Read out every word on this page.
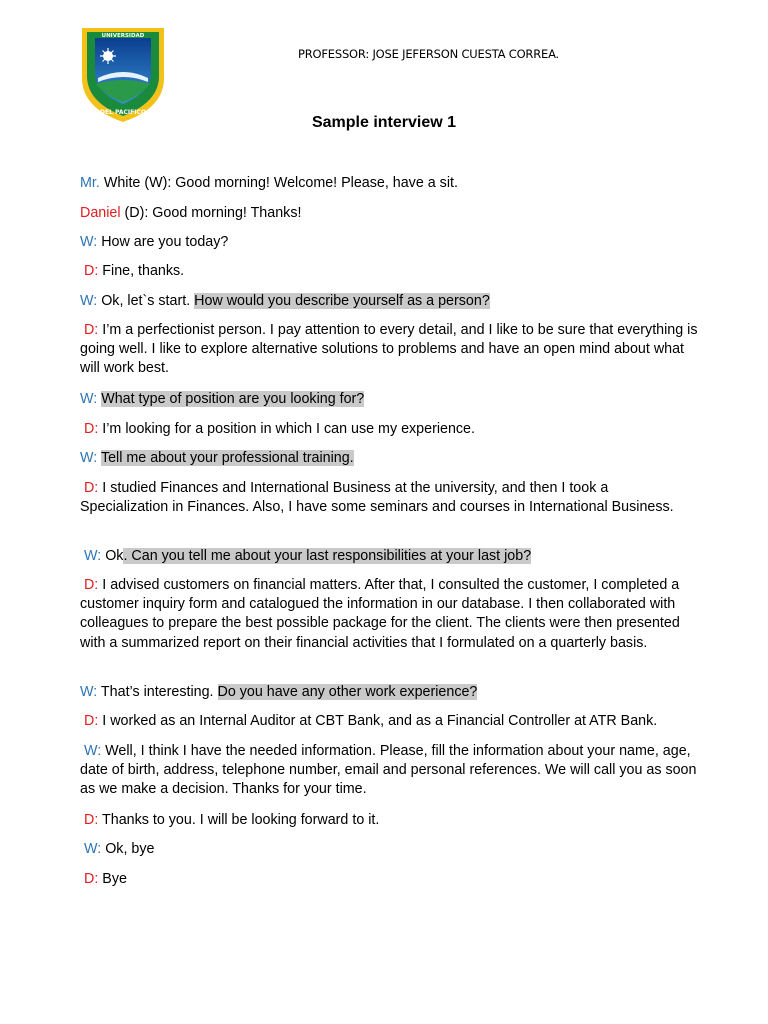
UNIVERSIDAD
DEL PACIFICO
PROFESSOR: JOSE JEFERSON CUESTA CORREA.
Sample interview 1
Mr. White (W): Good morning! Welcome! Please, have a sit.
Daniel (D): Good morning! Thanks!
W: How are you today?
D: Fine, thanks.
W: Ok, let`s start. How would you describe yourself as a person?
D: I’m a perfectionist person. I pay attention to every detail, and I like to be sure that everything is going well. I like to explore alternative solutions to problems and have an open mind about what will work best.
W: What type of position are you looking for?
D: I’m looking for a position in which I can use my experience.
W: Tell me about your professional training.
D: I studied Finances and International Business at the university, and then I took a Specialization in Finances. Also, I have some seminars and courses in International Business.
W: Ok. Can you tell me about your last responsibilities at your last job?
D: I advised customers on financial matters. After that, I consulted the customer, I completed a customer inquiry form and catalogued the information in our database. I then collaborated with colleagues to prepare the best possible package for the client. The clients were then presented with a summarized report on their financial activities that I formulated on a quarterly basis.
W: That’s interesting. Do you have any other work experience?
D: I worked as an Internal Auditor at CBT Bank, and as a Financial Controller at ATR Bank.
W: Well, I think I have the needed information. Please, fill the information about your name, age, date of birth, address, telephone number, email and personal references. We will call you as soon as we make a decision. Thanks for your time.
D: Thanks to you. I will be looking forward to it.
W: Ok, bye
D: Bye
